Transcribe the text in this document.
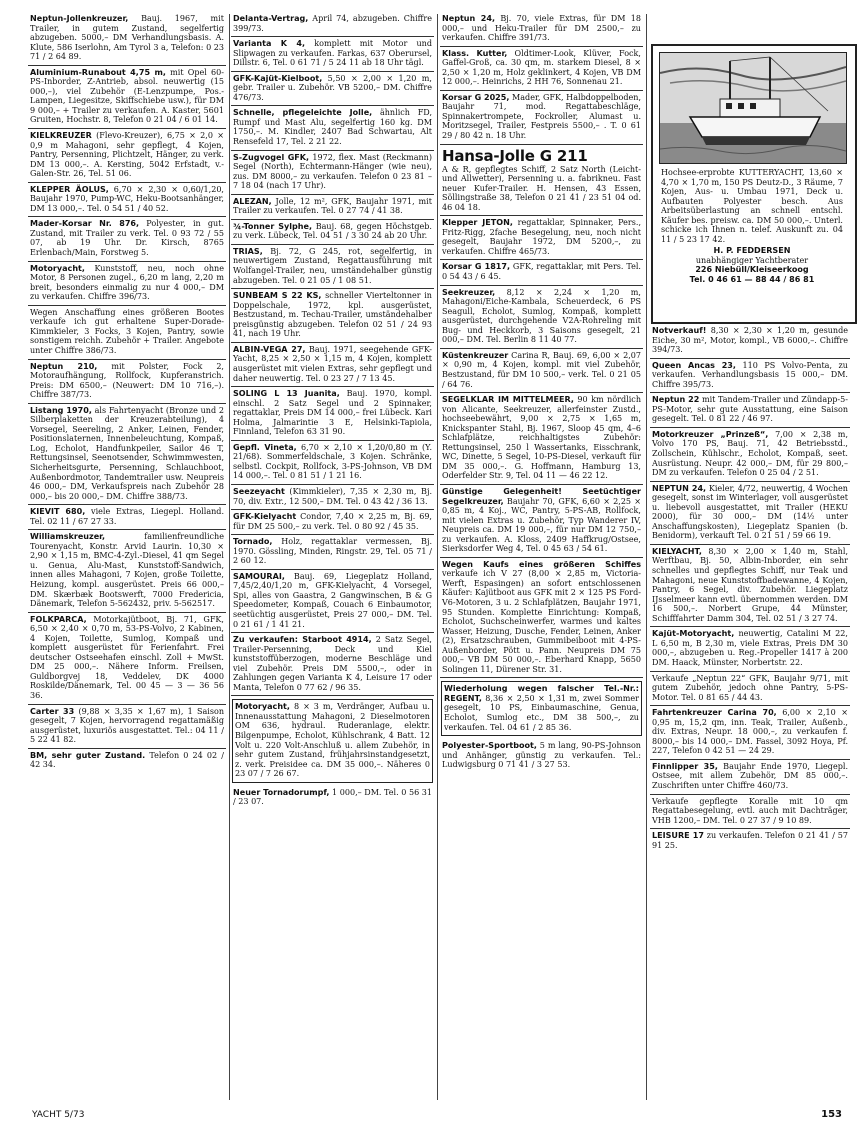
Neptun-Jollenkreuzer, Bauj. 1967, mit Trailer, in gutem Zustand, segelfertig abzugeben. 5000,– DM Verhandlungsbasis. A. Klute, 586 Iserlohn, Am Tyrol 3 a, Telefon: 0 23 71 / 2 64 89.
Aluminium-Runabout 4,75 m, mit Opel 60-PS-Inborder, Z-Antrieb, absol. neuwertig (15 000,–), viel Zubehör (E-Lenzpumpe, Pos.-Lampen, Liegesitze, Skiffschiebe usw.), für DM 9 000,– + Trailer zu verkaufen. A. Kaster, 5601 Gruiten, Hochstr. 8, Telefon 0 21 04 / 6 01 14.
KIELKREUZER (Flevo-Kreuzer), 6,75 × 2,0 × 0,9 m Mahagoni, sehr gepflegt, 4 Kojen, Pantry, Persenning, Plichtzelt, Hänger, zu verk. DM 13 000,–. A. Kersting, 5042 Erfstadt, v.-Galen-Str. 26, Tel. 51 06.
KLEPPER ÄOLUS, 6,70 × 2,30 × 0,60/1,20, Baujahr 1970, Pump-WC, Heku-Bootsanhänger, DM 13 000,–. Tel. 0 54 51 / 40 52.
Mader-Korsar Nr. 876, Polyester, in gut. Zustand, mit Trailer zu verk. Tel. 0 93 72 / 55 07, ab 19 Uhr. Dr. Kirsch, 8765 Erlenbach/Main, Forstweg 5.
Motoryacht, Kunststoff, neu, noch ohne Motor, 8 Personen zugel., 6,20 m lang, 2,20 m breit, besonders einmalig zu nur 4 000,– DM zu verkaufen. Chiffre 396/73.
Wegen Anschaffung eines größeren Bootes verkaufe ich gut erhaltene Super-Dorade-Kimmkieler, 3 Focks, 3 Kojen, Pantry, sowie sonstigem reichh. Zubehör + Trailer. Angebote unter Chiffre 386/73.
Neptun 210, mit Polster, Fock 2, Motoraufhängung, Rollfock, Kupferanstrich. Preis: DM 6500,– (Neuwert: DM 10 716,–). Chiffre 387/73.
Listang 1970, als Fahrtenyacht (Bronze und 2 Silberplaketten der Kreuzerabteilung), 4 Vorsegel, Seereling, 2 Anker, Leinen, Fender, Positionslaternen, Innenbeleuchtung, Kompaß, Log, Echolot, Handfunkpeiler, Sailor 46 T, Rettungsinsel, Seenotsender, Schwimmwesten, Sicherheitsgurte, Persenning, Schlauchboot, Außenbordmotor, Tandemtrailer usw. Neupreis 46 000,– DM, Verkaufspreis nach Zubehör 28 000,– bis 20 000,– DM. Chiffre 388/73.
KIEVIT 680, viele Extras, Liegepl. Holland. Tel. 02 11 / 67 27 33.
Williamskreuzer, familienfreundliche Tourenyacht, Konstr. Arvid Laurin. 10,30 × 2,90 × 1,15 m, BMC-4-Zyl.-Diesel, 41 qm Segel u. Genua, Alu-Mast, Kunststoff-Sandwich, innen alles Mahagoni, 7 Kojen, große Toilette, Heizung, kompl. ausgerüstet. Preis 66 000,– DM. Skærbæk Bootswerft, 7000 Fredericia, Dänemark, Telefon 5-562432, priv. 5-562517.
FOLKPARCA, Motorkajütboot, Bj. 71, GFK, 6,50 × 2,40 × 0,70 m, 53-PS-Volvo, 2 Kabinen, 4 Kojen, Toilette, Sumlog, Kompaß und komplett ausgerüstet für Ferienfahrt. Frei deutscher Ostseehafen einschl. Zoll + MwSt. DM 25 000,–. Nähere Inform. Freilsen, Guldborgvej 18, Veddelev, DK 4000 Roskilde/Dänemark, Tel. 00 45 — 3 — 36 56 36.
Carter 33 (9,88 × 3,35 × 1,67 m), 1 Saison gesegelt, 7 Kojen, hervorragend regattamäßig ausgerüstet, luxuriös ausgestattet. Tel.: 04 11 / 5 22 41 82.
BM, sehr guter Zustand. Telefon 0 24 02 / 42 34.
Delanta-Vertrag, April 74, abzugeben. Chiffre 399/73.
Varianta K 4, komplett mit Motor und Slipwagen zu verkaufen. Farkas, 637 Oberursel, Dillstr. 6, Tel. 0 61 71 / 5 24 11 ab 18 Uhr tägl.
GFK-Kajüt-Kielboot, 5,50 × 2,00 × 1,20 m, gebr. Trailer u. Zubehör. VB 5200,– DM. Chiffre 476/73.
Schnelle, pflegeleichte Jolle, ähnlich FD, Rumpf und Mast Alu, segelfertig 160 kg. DM 1750,–. M. Kindler, 2407 Bad Schwartau, Alt Rensefeld 17, Tel. 2 21 22.
S-Zugvogel GFK, 1972, flex. Mast (Reckmann) Segel (North), Echtermann-Hänger (wie neu), zus. DM 8000,– zu verkaufen. Telefon 0 23 81 – 7 18 04 (nach 17 Uhr).
ALEZAN, Jolle, 12 m², GFK, Baujahr 1971, mit Trailer zu verkaufen. Tel. 0 27 74 / 41 38.
¾-Tonner Sylphe, Bauj. 68, gegen Höchstgeb. zu verk. Lübeck, Tel. 04 51 / 3 30 24 ab 20 Uhr.
TRIAS, Bj. 72, G 245, rot, segelfertig, in neuwertigem Zustand, Regattausführung mit Wolfangel-Trailer, neu, umständehalber günstig abzugeben. Tel. 0 21 05 / 1 08 51.
SUNBEAM S 22 KS, schneller Vierteltonner in Doppelschale, 1972, kpl. ausgerüstet, Bestzustand, m. Techau-Trailer, umständehalber preisgünstig abzugeben. Telefon 02 51 / 24 93 41, nach 19 Uhr.
ALBIN-VEGA 27, Bauj. 1971, seegehende GFK-Yacht, 8,25 × 2,50 × 1,15 m, 4 Kojen, komplett ausgerüstet mit vielen Extras, sehr gepflegt und daher neuwertig. Tel. 0 23 27 / 7 13 45.
SOLING L 13 Juanita, Bauj. 1970, kompl. einschl. 2 Satz Segel und 2 Spinnaker, regattaklar, Preis DM 14 000,– frei Lübeck. Kari Holma, Jalmarintie 3 E, Helsinki-Tapiola, Finnland, Telefon 63 31 90.
Gepfl. Vineta, 6,70 × 2,10 × 1,20/0,80 m (Y. 21/68). Sommerfeldschale, 3 Kojen. Schränke, selbstl. Cockpit, Rollfock, 3-PS-Johnson, VB DM 14 000,–. Tel. 0 81 51 / 1 21 16.
Seezeyacht (Kimmkieler), 7,35 × 2,30 m, Bj. 70, div. Extr., 12 500,– DM. Tel. 0 43 42 / 36 13.
GFK-Kielyacht Condor, 7,40 × 2,25 m, Bj. 69, für DM 25 500,– zu verk. Tel. 0 80 92 / 45 35.
Tornado, Holz, regattaklar vermessen, Bj. 1970. Gössling, Minden, Ringstr. 29, Tel. 05 71 / 2 60 12.
SAMOURAI, Bauj. 69, Liegeplatz Holland, 7,45/2,40/1,20 m, GFK-Kielyacht, 4 Vorsegel, Spi, alles von Gaastra, 2 Gangwinschen, B & G Speedometer, Kompaß, Couach 6 Einbaumotor, seetüchtig ausgerüstet, Preis 27 000,– DM. Tel. 0 21 61 / 1 41 21.
Zu verkaufen: Starboot 4914, 2 Satz Segel, Trailer-Persenning, Deck und Kiel kunststoffüberzogen, moderne Beschläge und viel Zubehör. Preis DM 5500,–, oder in Zahlungen gegen Varianta K 4, Leisure 17 oder Manta, Telefon 0 77 62 / 96 35.
Motoryacht, 8 × 3 m, Verdränger, Aufbau u. Innenausstattung Mahagoni, 2 Dieselmotoren OM 636, hydraul. Ruderanlage, elektr. Bilgenpumpe, Echolot, Kühlschrank, 4 Batt. 12 Volt u. 220 Volt-Anschluß u. allem Zubehör, in sehr gutem Zustand, frühjahrsinstandgesetzt, z. verk. Preisidee ca. DM 35 000,–. Näheres 0 23 07 / 7 26 67.
Neuer Tornadorumpf, 1 000,– DM. Tel. 0 56 31 / 23 07.
Neptun 24, Bj. 70, viele Extras, für DM 18 000,– und Heku-Trailer für DM 2500,– zu verkaufen. Chiffre 391/73.
Klass. Kutter, Oldtimer-Look, Klüver, Fock, Gaffel-Groß, ca. 30 qm, m. starkem Diesel, 8 × 2,50 × 1,20 m, Holz geklinkert, 4 Kojen, VB DM 12 000,–. Heinrichs, 2 HH 76, Sonnenau 21.
Korsar G 2025, Mader, GFK, Halbdoppelboden, Baujahr 71, mod. Regattabeschläge, Spinnakertrompete, Fockroller, Alumast u. Moritzsegel, Trailer, Festpreis 5500,– . T. 0 61 29 / 80 42 n. 18 Uhr.
Hansa-Jolle G 211
A & R, gepflegtes Schiff, 2 Satz North (Leicht- und Allwetter), Persenning u. a. fabrikneu. Fast neuer Kufer-Trailer. H. Hensen, 43 Essen, Söllingstraße 38, Telefon 0 21 41 / 23 51 04 od. 46 04 18.
Klepper JETON, regattaklar, Spinnaker, Pers., Fritz-Rigg, 2fache Besegelung, neu, noch nicht gesegelt, Baujahr 1972, DM 5200,–, zu verkaufen. Chiffre 465/73.
Korsar G 1817, GFK, regattaklar, mit Pers. Tel. 0 54 43 / 6 45.
Seekreuzer, 8,12 × 2,24 × 1,20 m, Mahagoni/Eiche-Kambala, Scheuerdeck, 6 PS Seagull, Echolot, Sumlog, Kompaß, komplett ausgerüstet, durchgehende V2A-Rohreling mit Bug- und Heckkorb, 3 Saisons gesegelt, 21 000,– DM. Tel. Berlin 8 11 40 77.
Küstenkreuzer Carina R, Bauj. 69, 6,00 × 2,07 × 0,90 m, 4 Kojen, kompl. mit viel Zubehör, Bestzustand, für DM 10 500,– verk. Tel. 0 21 05 / 64 76.
SEGELKLAR IM MITTELMEER, 90 km nördlich von Alicante, Seekreuzer, allerfeinster Zustd., hochseebewährt, 9,00 × 2,75 × 1,65 m, Knickspanter Stahl, Bj. 1967, Sloop 45 qm, 4–6 Schlafplätze, reichhaltigstes Zubehör: Rettungsinsel, 250 l Wassertanks, Eisschrank, WC, Dinette, 5 Segel, 10-PS-Diesel, verkauft für DM 35 000,–. G. Hoffmann, Hamburg 13, Oderfelder Str. 9, Tel. 04 11 — 46 22 12.
Günstige Gelegenheit! Seetüchtiger Segelkreuzer, Baujahr 70, GFK, 6,60 × 2,25 × 0,85 m, 4 Koj., WC, Pantry, 5-PS-AB, Rollfock, mit vielen Extras u. Zubehör, Typ Wanderer IV, Neupreis ca. DM 19 000,–, für nur DM 12 750,– zu verkaufen. A. Kloss, 2409 Haffkrug/Ostsee, Sierksdorfer Weg 4, Tel. 0 45 63 / 54 61.
Wegen Kaufs eines größeren Schiffes verkaufe ich V 27 (8,00 × 2,85 m, Victoria-Werft, Espasingen) an sofort entschlossenen Käufer: Kajütboot aus GFK mit 2 × 125 PS Ford-V6-Motoren, 3 u. 2 Schlafplätzen, Baujahr 1971, 95 Stunden. Komplette Einrichtung: Kompaß, Echolot, Suchscheinwerfer, warmes und kaltes Wasser, Heizung, Dusche, Fender, Leinen, Anker (2), Ersatzschrauben, Gummibeiboot mit 4-PS-Außenborder, Pött u. Pann. Neupreis DM 75 000,– VB DM 50 000,–. Eberhard Knapp, 5650 Solingen 11, Dürener Str. 31.
Wiederholung wegen falscher Tel.-Nr.: REGENT, 8,36 × 2,50 × 1,31 m, zwei Sommer gesegelt, 10 PS, Einbaumaschine, Genua, Echolot, Sumlog etc., DM 38 500,–, zu verkaufen. Tel. 04 61 / 2 85 36.
Polyester-Sportboot, 5 m lang, 90-PS-Johnson und Anhänger, günstig zu verkaufen. Tel.: Ludwigsburg 0 71 41 / 3 27 53.
Hochsee-erprobte KUTTERYACHT, 13,60 × 4,70 × 1,70 m, 150 PS Deutz-D., 3 Räume, 7 Kojen, Aus- u. Umbau 1971, Deck u. Aufbauten Polyester besch. Aus Arbeitsüberlastung an schnell entschl. Käufer bes. preisw. ca. DM 50 000,–. Unterl. schicke ich Ihnen n. telef. Auskunft zu. 04 11 / 5 23 17 42.
H. P. FEDDERSEN
unabhängiger Yachtberater
226 Niebüll/Kleiseerkoog
Tel. 0 46 61 — 88 44 / 86 81
Notverkauf! 8,30 × 2,30 × 1,20 m, gesunde Eiche, 30 m², Motor, kompl., VB 6000,–. Chiffre 394/73.
Queen Ancas 23, 110 PS Volvo-Penta, zu verkaufen. Verhandlungsbasis 15 000,– DM. Chiffre 395/73.
Neptun 22 mit Tandem-Trailer und Zündapp-5-PS-Motor, sehr gute Ausstattung, eine Saison gesegelt. Tel. 0 81 22 / 46 97.
Motorkreuzer „Prinzeß“, 7,00 × 2,38 m, Volvo 170 PS, Bauj. 71, 42 Betriebsstd., Zollschein, Kühlschr., Echolot, Kompaß, seet. Ausrüstung. Neupr. 42 000,– DM, für 29 800,– DM zu verkaufen. Telefon 0 25 04 / 2 51.
NEPTUN 24, Kieler, 4/72, neuwertig, 4 Wochen gesegelt, sonst im Winterlager, voll ausgerüstet u. liebevoll ausgestattet, mit Trailer (HEKU 2000), für 30 000,– DM (14½ unter Anschaffungskosten), Liegeplatz Spanien (b. Benidorm), verkauft Tel. 0 21 51 / 59 66 19.
KIELYACHT, 8,30 × 2,00 × 1,40 m, Stahl, Werftbau, Bj. 50, Albin-Inborder, ein sehr schnelles und gepflegtes Schiff, nur Teak und Mahagoni, neue Kunststoffbadewanne, 4 Kojen, Pantry, 6 Segel, div. Zubehör. Liegeplatz IJsselmeer kann evtl. übernommen werden. DM 16 500,–. Norbert Grupe, 44 Münster, Schifffahrter Damm 304, Tel. 02 51 / 3 27 74.
Kajüt-Motoryacht, neuwertig, Catalini M 22, L 6,50 m, B 2,30 m, viele Extras, Preis DM 30 000,–, abzugeben u. Reg.-Propeller 1417 à 200 DM. Haack, Münster, Norbertstr. 22.
Verkaufe „Neptun 22“ GFK, Baujahr 9/71, mit gutem Zubehör, jedoch ohne Pantry, 5-PS-Motor. Tel. 0 81 65 / 44 43.
Fahrtenkreuzer Carina 70, 6,00 × 2,10 × 0,95 m, 15,2 qm, inn. Teak, Trailer, Außenb., div. Extras, Neupr. 18 000,–, zu verkaufen f. 8000,– bis 14 000,– DM. Fassel, 3092 Hoya, Pf. 227, Telefon 0 42 51 — 24 29.
Finnlipper 35, Baujahr Ende 1970, Liegepl. Ostsee, mit allem Zubehör, DM 85 000,–. Zuschriften unter Chiffre 460/73.
Verkaufe gepflegte Koralle mit 10 qm Regattabesegelung, evtl. auch mit Dachträger, VHB 1200,– DM. Tel. 0 27 37 / 9 10 89.
LEISURE 17 zu verkaufen. Telefon 0 21 41 / 57 91 25.
YACHT 5/73	153
